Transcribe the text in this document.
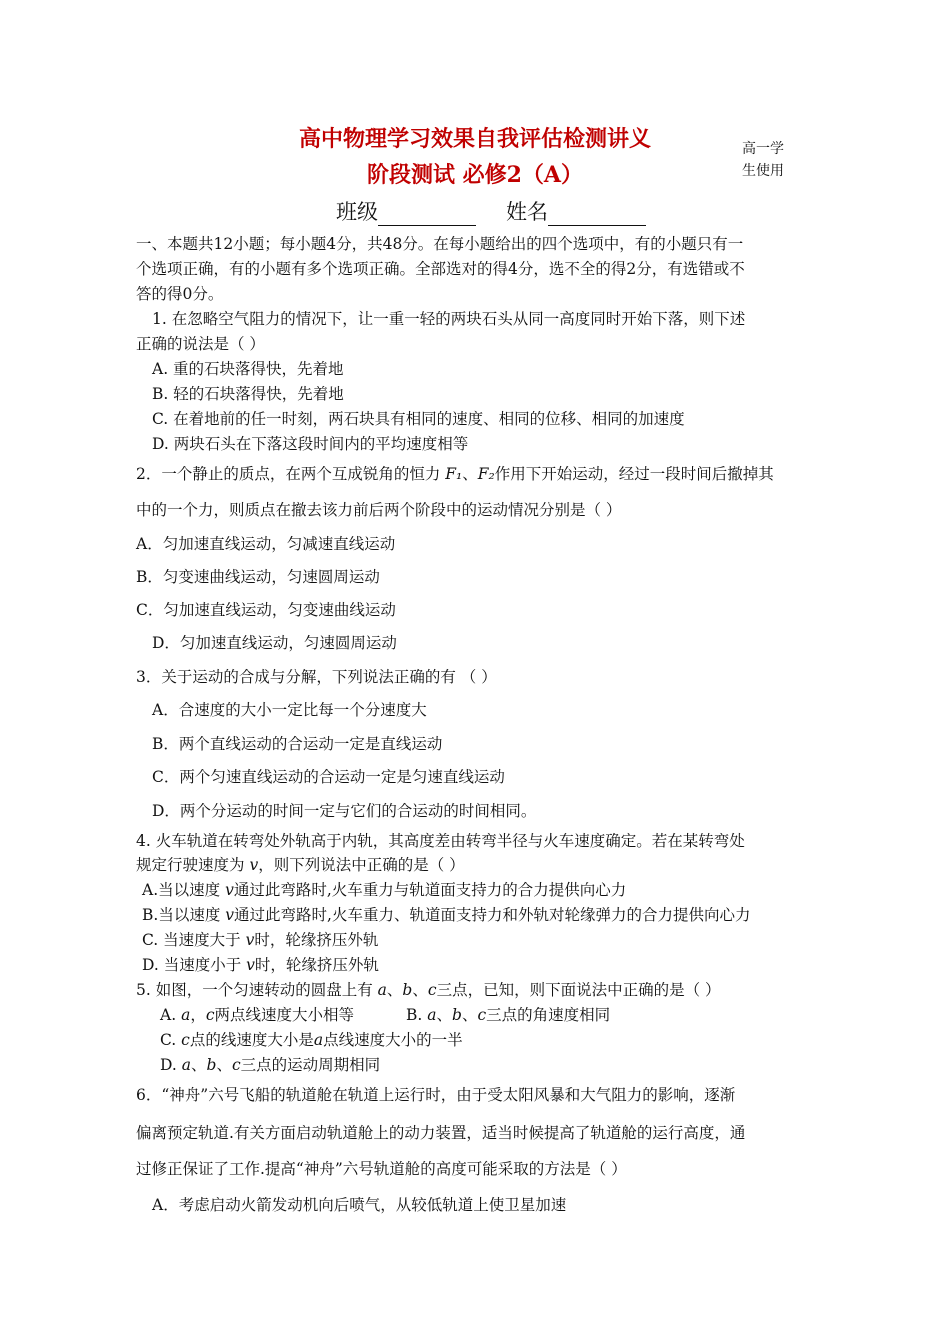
高中物理学习效果自我评估检测讲义
阶段测试 必修2（A）
高一学
生使用
班级	姓名
一、本题共12小题；每小题4分，共48分。在每小题给出的四个选项中，有的小题只有一
个选项正确，有的小题有多个选项正确。全部选对的得4分，选不全的得2分，有选错或不
答的得0分。
1. 在忽略空气阻力的情况下，让一重一轻的两块石头从同一高度同时开始下落，则下述
正确的说法是（ ）
A. 重的石块落得快，先着地
B. 轻的石块落得快，先着地
C. 在着地前的任一时刻，两石块具有相同的速度、相同的位移、相同的加速度
D. 两块石头在下落这段时间内的平均速度相等
2．一个静止的质点，在两个互成锐角的恒力 F₁、F₂作用下开始运动，经过一段时间后撤掉其
中的一个力，则质点在撤去该力前后两个阶段中的运动情况分别是（ ）
A．匀加速直线运动，匀减速直线运动
B．匀变速曲线运动，匀速圆周运动
C．匀加速直线运动，匀变速曲线运动
D．匀加速直线运动，匀速圆周运动
3．关于运动的合成与分解，下列说法正确的有 （ ）
A．合速度的大小一定比每一个分速度大
B．两个直线运动的合运动一定是直线运动
C．两个匀速直线运动的合运动一定是匀速直线运动
D．两个分运动的时间一定与它们的合运动的时间相同。
4. 火车轨道在转弯处外轨高于内轨，其高度差由转弯半径与火车速度确定。若在某转弯处
规定行驶速度为 v，则下列说法中正确的是（ ）
A.当以速度 v通过此弯路时,火车重力与轨道面支持力的合力提供向心力
B.当以速度 v通过此弯路时,火车重力、轨道面支持力和外轨对轮缘弹力的合力提供向心力
C. 当速度大于 v时，轮缘挤压外轨
D. 当速度小于 v时，轮缘挤压外轨
5. 如图，一个匀速转动的圆盘上有 a、b、c三点，已知，则下面说法中正确的是（ ）
A. a，c两点线速度大小相等	B. a、b、c三点的角速度相同
C. c点的线速度大小是a点线速度大小的一半
D. a、b、c三点的运动周期相同
6．“神舟”六号飞船的轨道舱在轨道上运行时，由于受太阳风暴和大气阻力的影响，逐渐
偏离预定轨道.有关方面启动轨道舱上的动力装置，适当时候提高了轨道舱的运行高度，通
过修正保证了工作.提高“神舟”六号轨道舱的高度可能采取的方法是（ ）
A．考虑启动火箭发动机向后喷气，从较低轨道上使卫星加速
